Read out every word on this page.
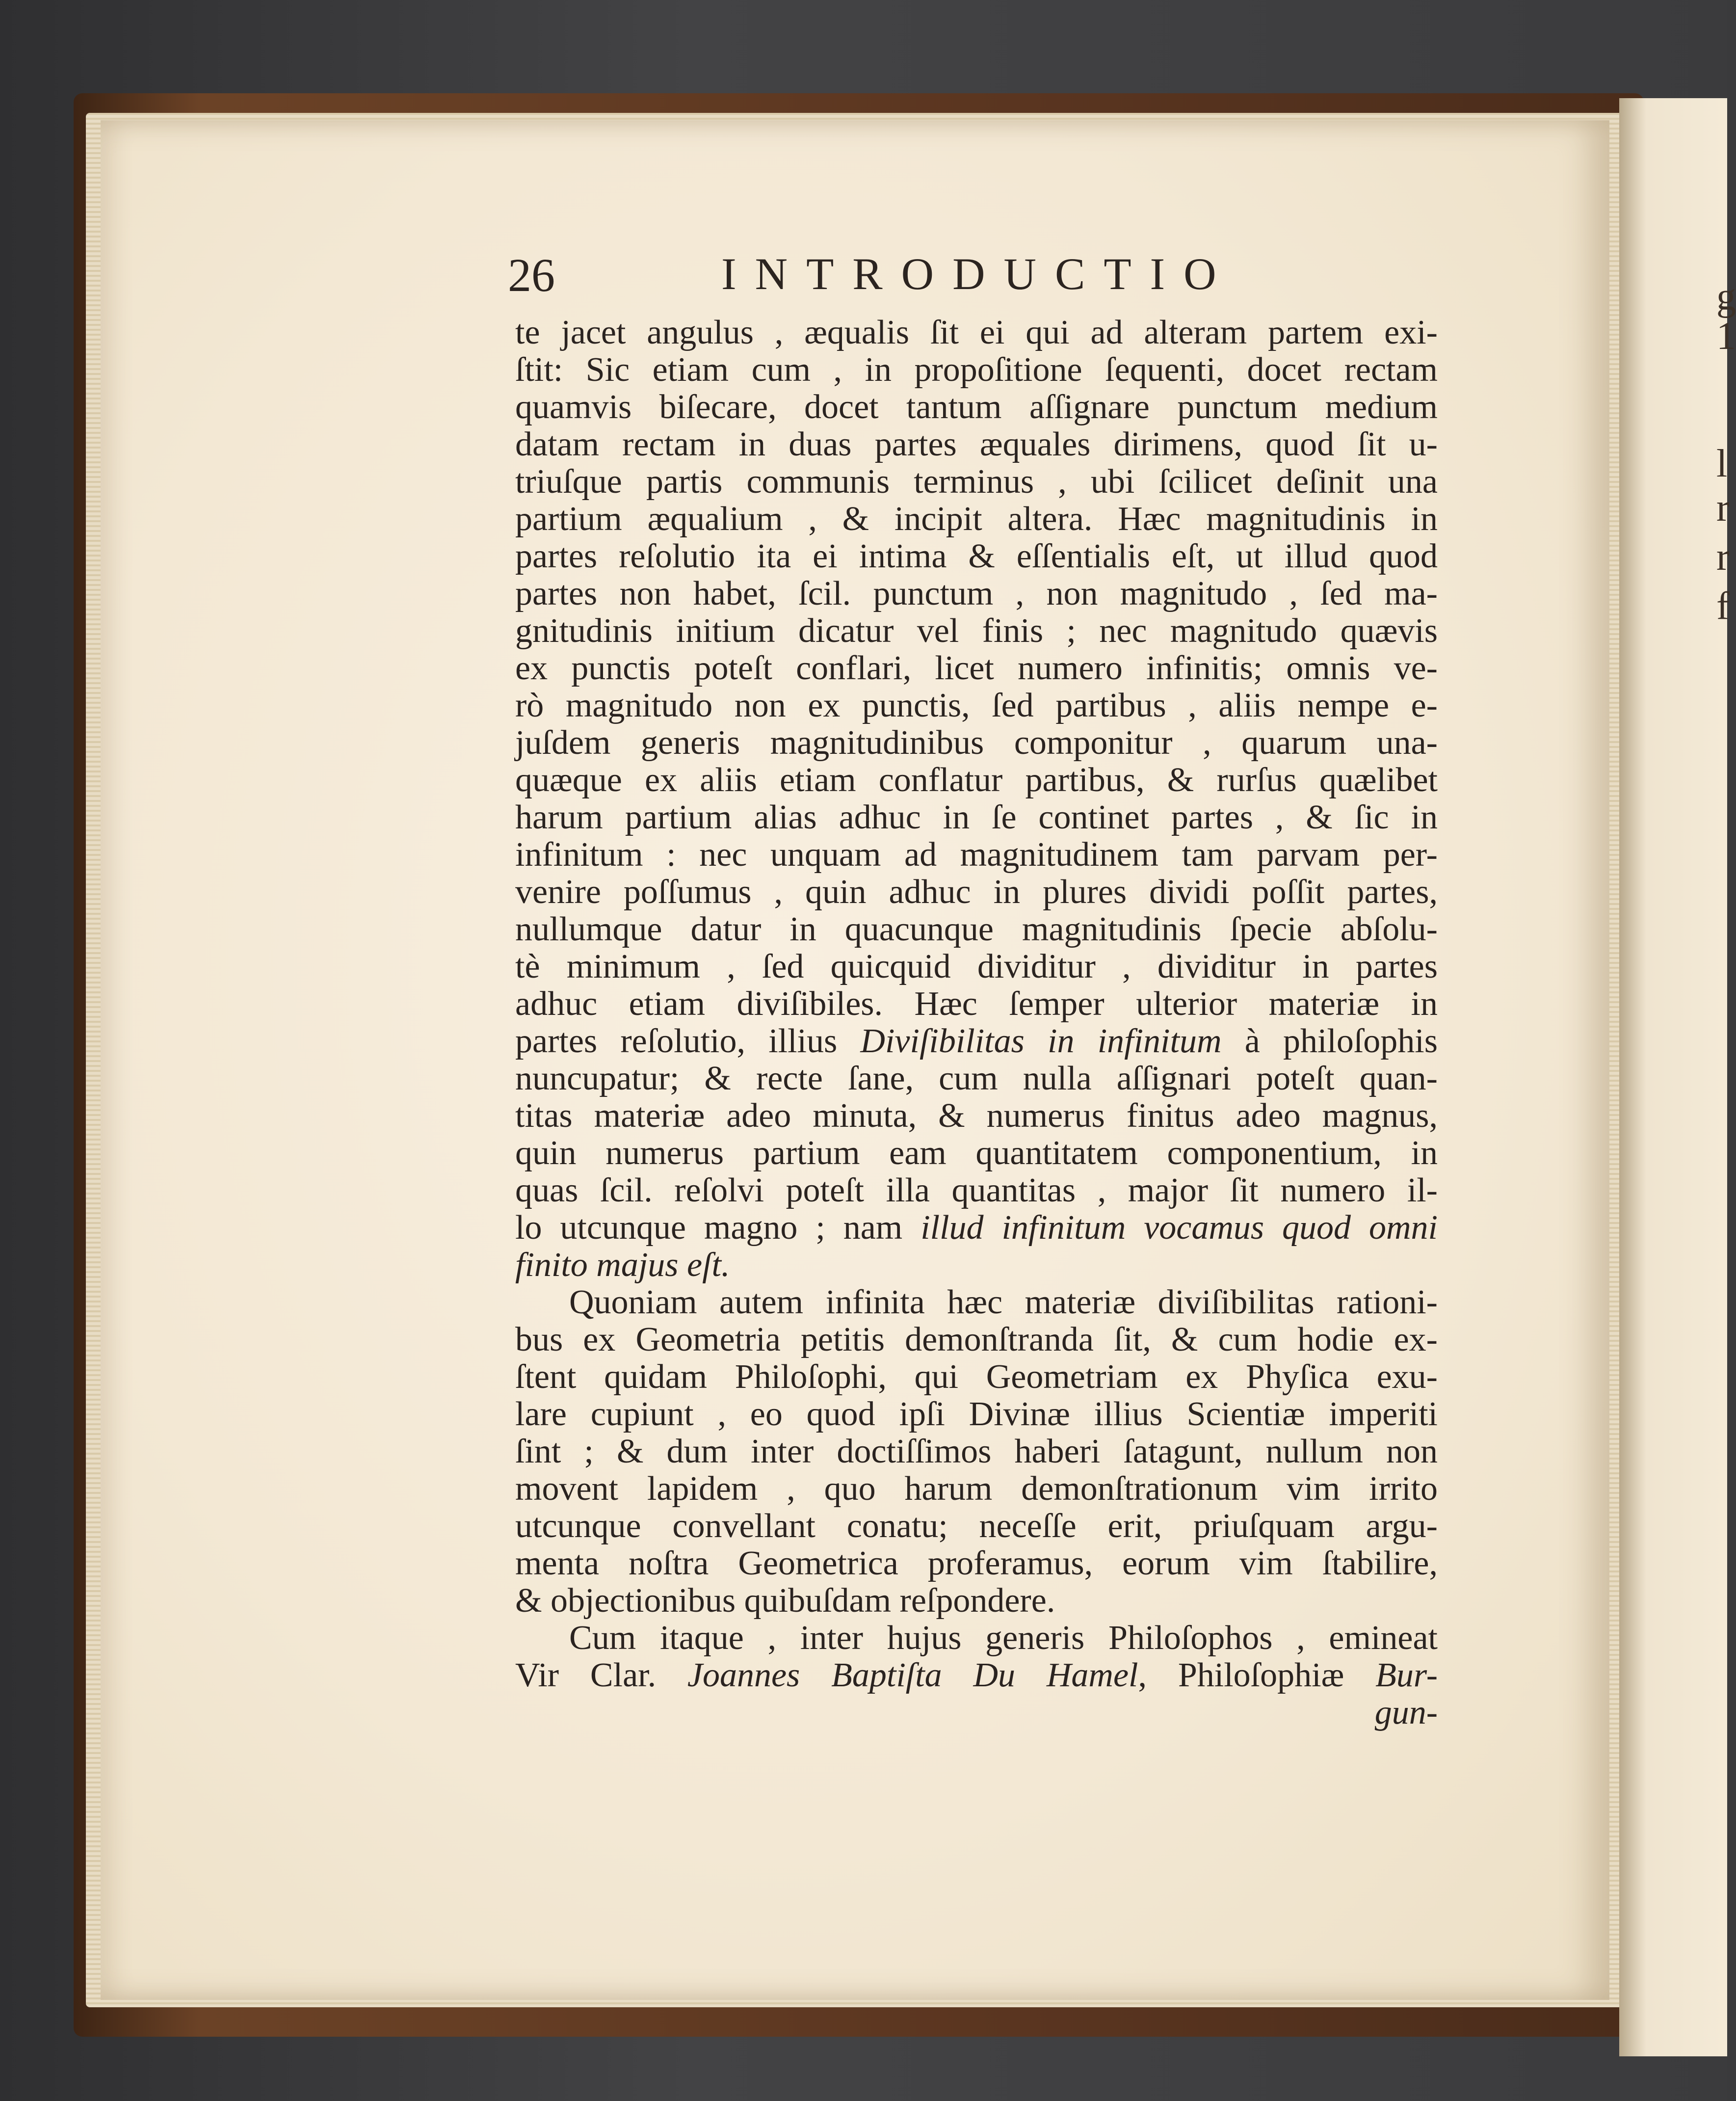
g
1
l
r
r
f
26	INTRODUCTIO
te jacet angulus , æqualis ſit ei qui ad alteram partem exi-
ſtit: Sic etiam cum , in propoſitione ſequenti, docet rectam
quamvis biſecare, docet tantum aſſignare punctum medium
datam rectam in duas partes æquales dirimens, quod ſit u-
triuſque partis communis terminus , ubi ſcilicet deſinit una
partium æqualium , & incipit altera. Hæc magnitudinis in
partes reſolutio ita ei intima & eſſentialis eſt, ut illud quod
partes non habet, ſcil. punctum , non magnitudo , ſed ma-
gnitudinis initium dicatur vel finis ; nec magnitudo quævis
ex punctis poteſt conflari, licet numero infinitis; omnis ve-
rò magnitudo non ex punctis, ſed partibus , aliis nempe e-
juſdem generis magnitudinibus componitur , quarum una-
quæque ex aliis etiam conflatur partibus, & rurſus quælibet
harum partium alias adhuc in ſe continet partes , & ſic in
infinitum : nec unquam ad magnitudinem tam parvam per-
venire poſſumus , quin adhuc in plures dividi poſſit partes,
nullumque datur in quacunque magnitudinis ſpecie abſolu-
tè minimum , ſed quicquid dividitur , dividitur in partes
adhuc etiam diviſibiles. Hæc ſemper ulterior materiæ in
partes reſolutio, illius Diviſibilitas in infinitum à philoſophis
nuncupatur; & recte ſane, cum nulla aſſignari poteſt quan-
titas materiæ adeo minuta, & numerus finitus adeo magnus,
quin numerus partium eam quantitatem componentium, in
quas ſcil. reſolvi poteſt illa quantitas , major ſit numero il-
lo utcunque magno ; nam illud infinitum vocamus quod omni
finito majus eſt.
Quoniam autem infinita hæc materiæ diviſibilitas rationi-
bus ex Geometria petitis demonſtranda ſit, & cum hodie ex-
ſtent quidam Philoſophi, qui Geometriam ex Phyſica exu-
lare cupiunt , eo quod ipſi Divinæ illius Scientiæ imperiti
ſint ; & dum inter doctiſſimos haberi ſatagunt, nullum non
movent lapidem , quo harum demonſtrationum vim irrito
utcunque convellant conatu; neceſſe erit, priuſquam argu-
menta noſtra Geometrica proferamus, eorum vim ſtabilire,
& objectionibus quibuſdam reſpondere.
Cum itaque , inter hujus generis Philoſophos , emineat
Vir Clar. Joannes Baptiſta Du Hamel, Philoſophiæ Bur-
gun-
